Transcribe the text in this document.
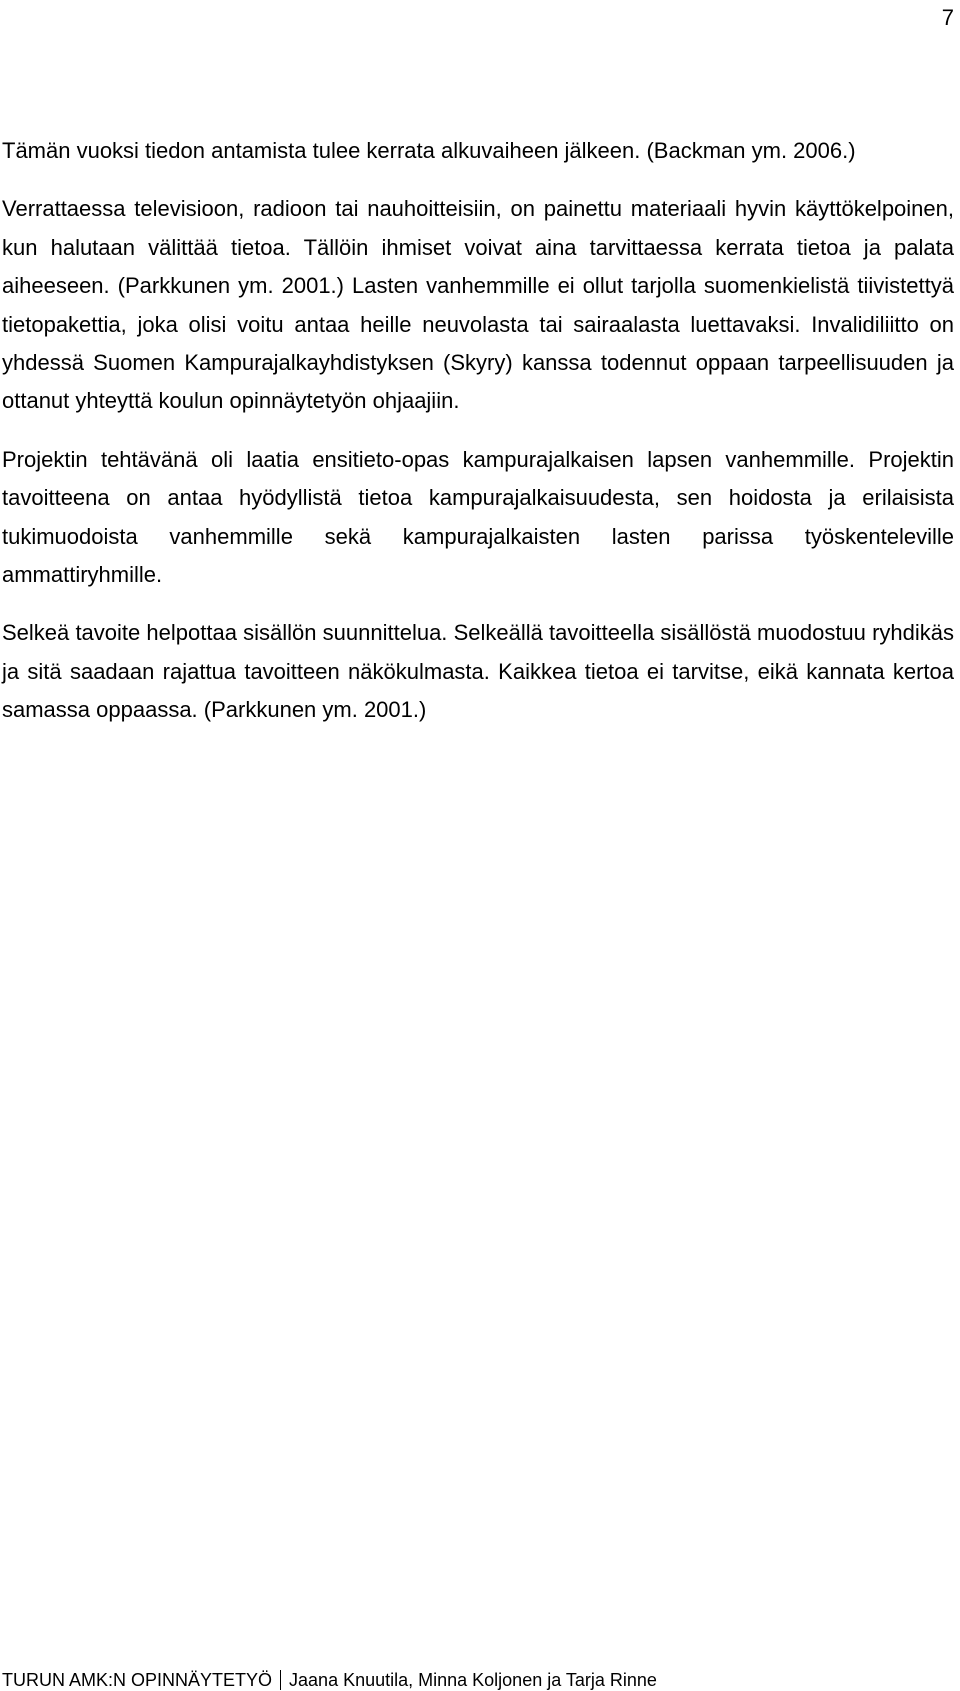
7

Tämän vuoksi tiedon antamista tulee kerrata alkuvaiheen jälkeen. (Backman ym. 2006.)

Verrattaessa televisioon, radioon tai nauhoitteisiin, on painettu materiaali hyvin käyttökelpoinen, kun halutaan välittää tietoa. Tällöin ihmiset voivat aina tarvittaessa kerrata tietoa ja palata aiheeseen. (Parkkunen ym. 2001.) Lasten vanhemmille ei ollut tarjolla suomenkielistä tiivistettyä tietopakettia, joka olisi voitu antaa heille neuvolasta tai sairaalasta luettavaksi. Invalidiliitto on yhdessä Suomen Kampurajalkayhdistyksen (Skyry) kanssa todennut oppaan tarpeellisuuden ja ottanut yhteyttä koulun opinnäytetyön ohjaajiin.

Projektin tehtävänä oli laatia ensitieto-opas kampurajalkaisen lapsen vanhemmille. Projektin tavoitteena on antaa hyödyllistä tietoa kampurajalkaisuudesta, sen hoidosta ja erilaisista tukimuodoista vanhemmille sekä kampurajalkaisten lasten parissa työskenteleville ammattiryhmille.

Selkeä tavoite helpottaa sisällön suunnittelua. Selkeällä tavoitteella sisällöstä muodostuu ryhdikäs ja sitä saadaan rajattua tavoitteen näkökulmasta. Kaikkea tietoa ei tarvitse, eikä kannata kertoa samassa oppaassa. (Parkkunen ym. 2001.)

TURUN AMK:N OPINNÄYTETYÖ Jaana Knuutila, Minna Koljonen ja Tarja Rinne
